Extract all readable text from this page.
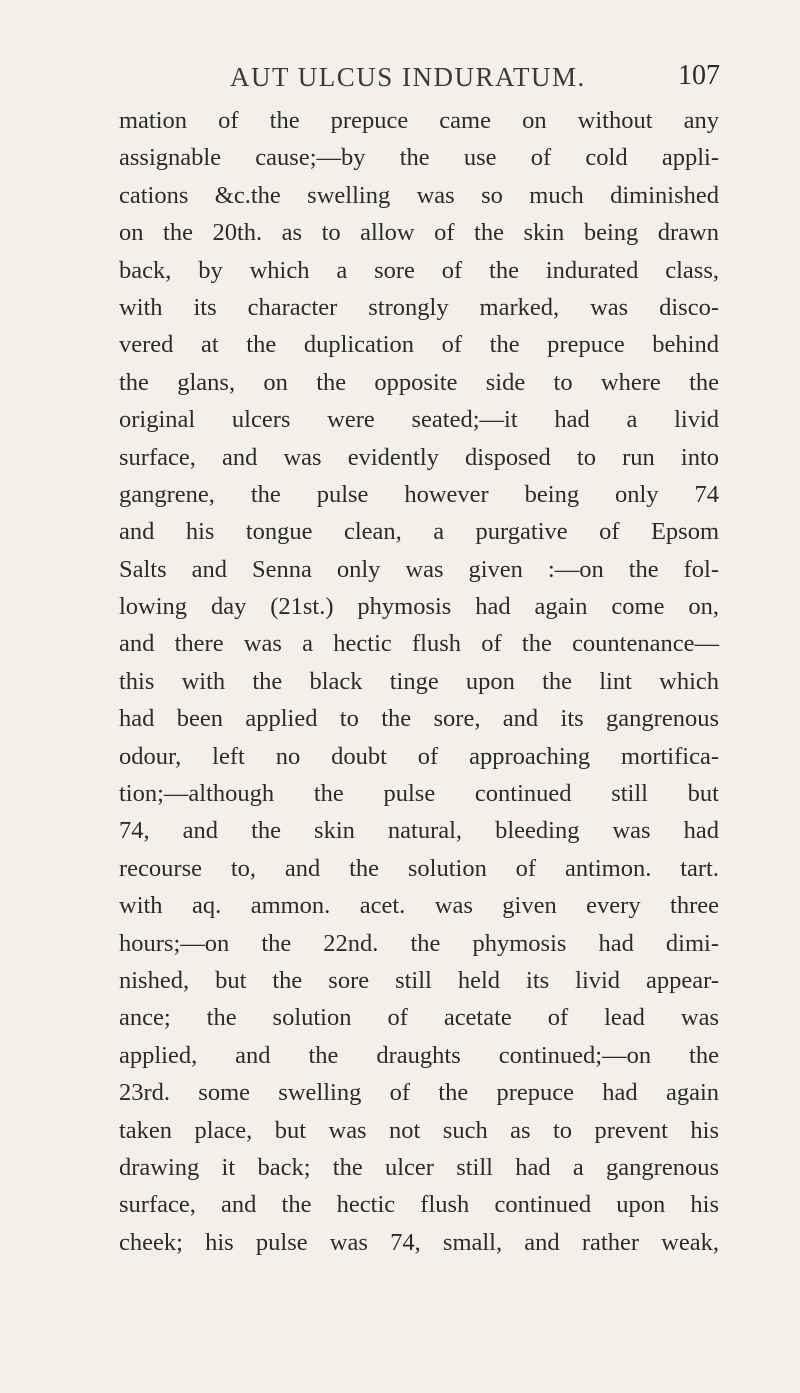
AUT ULCUS INDURATUM.	107
mation of the prepuce came on without any
assignable cause;—by the use of cold appli-
cations &c.the swelling was so much diminished
on the 20th. as to allow of the skin being drawn
back, by which a sore of the indurated class,
with its character strongly marked, was disco-
vered at the duplication of the prepuce behind
the glans, on the opposite side to where the
original ulcers were seated;—it had a livid
surface, and was evidently disposed to run into
gangrene, the pulse however being only 74
and his tongue clean, a purgative of Epsom
Salts and Senna only was given :—on the fol-
lowing day (21st.) phymosis had again come on,
and there was a hectic flush of the countenance—
this with the black tinge upon the lint which
had been applied to the sore, and its gangrenous
odour, left no doubt of approaching mortifica-
tion;—although the pulse continued still but
74, and the skin natural, bleeding was had
recourse to, and the solution of antimon. tart.
with aq. ammon. acet. was given every three
hours;—on the 22nd. the phymosis had dimi-
nished, but the sore still held its livid appear-
ance; the solution of acetate of lead was
applied, and the draughts continued;—on the
23rd. some swelling of the prepuce had again
taken place, but was not such as to prevent his
drawing it back; the ulcer still had a gangrenous
surface, and the hectic flush continued upon his
cheek; his pulse was 74, small, and rather weak,
